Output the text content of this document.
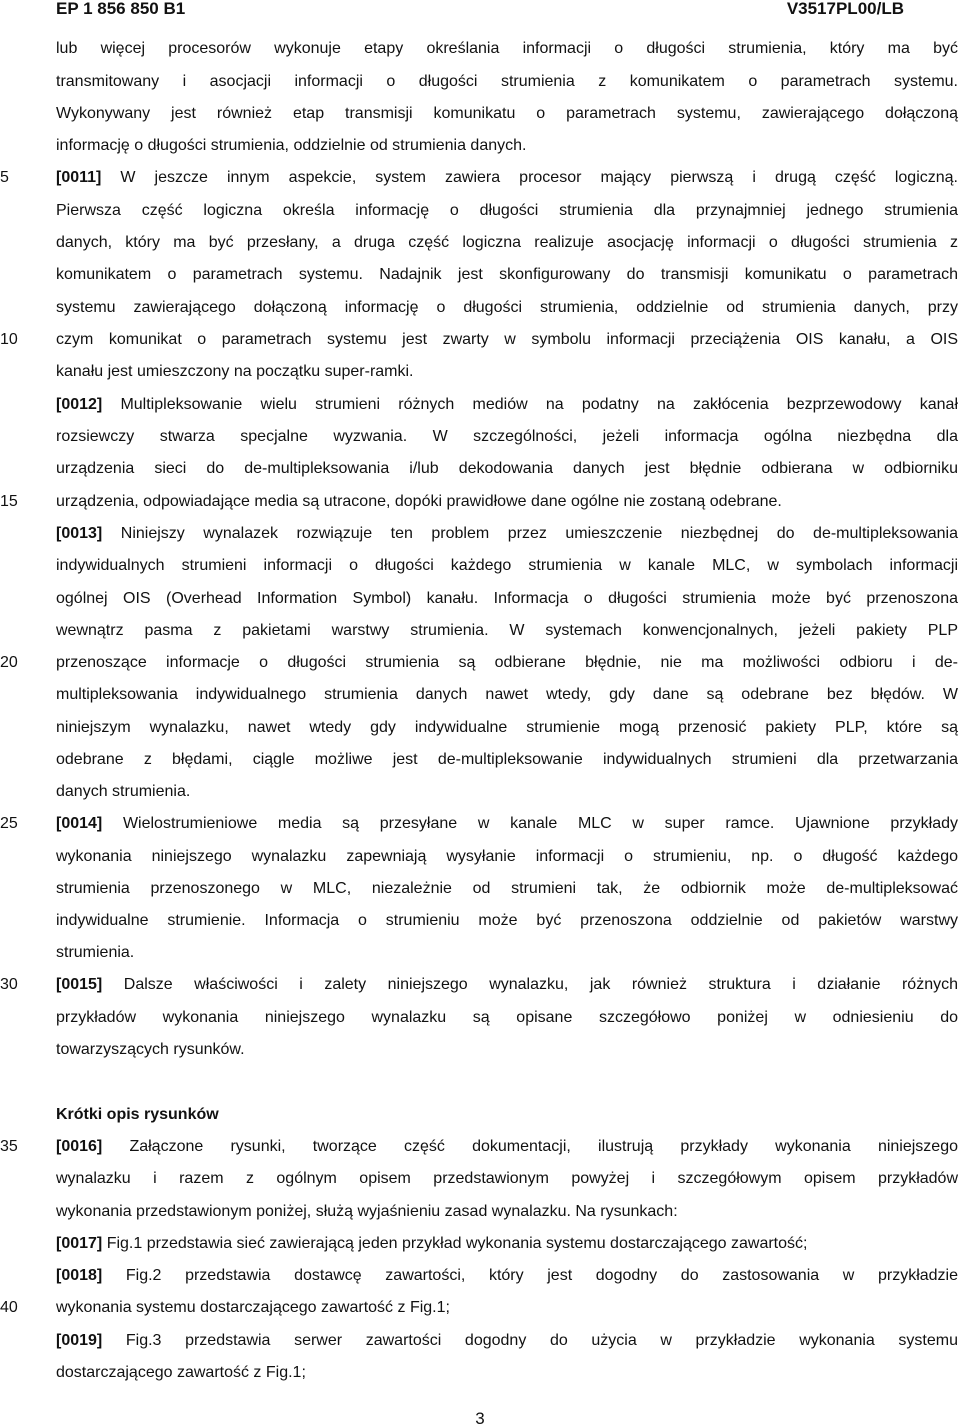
EP 1 856 850 B1	V3517PL00/LB
5
10
15
20
25
30
35
40
lub więcej procesorów wykonuje etapy określania informacji o długości strumienia, który ma być
transmitowany i asocjacji informacji o długości strumienia z komunikatem o parametrach systemu.
Wykonywany jest również etap transmisji komunikatu o parametrach systemu, zawierającego dołączoną
informację o długości strumienia, oddzielnie od strumienia danych.
[0011] W jeszcze innym aspekcie, system zawiera procesor mający pierwszą i drugą część logiczną.
Pierwsza część logiczna określa informację o długości strumienia dla przynajmniej jednego strumienia
danych, który ma być przesłany, a druga część logiczna realizuje asocjację informacji o długości strumienia z
komunikatem o parametrach systemu. Nadajnik jest skonfigurowany do transmisji komunikatu o parametrach
systemu zawierającego dołączoną informację o długości strumienia, oddzielnie od strumienia danych, przy
czym komunikat o parametrach systemu jest zwarty w symbolu informacji przeciążenia OIS kanału, a OIS
kanału jest umieszczony na początku super-ramki.
[0012] Multipleksowanie wielu strumieni różnych mediów na podatny na zakłócenia bezprzewodowy kanał
rozsiewczy stwarza specjalne wyzwania. W szczególności, jeżeli informacja ogólna niezbędna dla
urządzenia sieci do de-multipleksowania i/lub dekodowania danych jest błędnie odbierana w odbiorniku
urządzenia, odpowiadające media są utracone, dopóki prawidłowe dane ogólne nie zostaną odebrane.
[0013] Niniejszy wynalazek rozwiązuje ten problem przez umieszczenie niezbędnej do de-multipleksowania
indywidualnych strumieni informacji o długości każdego strumienia w kanale MLC, w symbolach informacji
ogólnej OIS (Overhead Information Symbol) kanału. Informacja o długości strumienia może być przenoszona
wewnątrz pasma z pakietami warstwy strumienia. W systemach konwencjonalnych, jeżeli pakiety PLP
przenoszące informacje o długości strumienia są odbierane błędnie, nie ma możliwości odbioru i de-
multipleksowania indywidualnego strumienia danych nawet wtedy, gdy dane są odebrane bez błędów. W
niniejszym wynalazku, nawet wtedy gdy indywidualne strumienie mogą przenosić pakiety PLP, które są
odebrane z błędami, ciągle możliwe jest de-multipleksowanie indywidualnych strumieni dla przetwarzania
danych strumienia.
[0014] Wielostrumieniowe media są przesyłane w kanale MLC w super ramce. Ujawnione przykłady
wykonania niniejszego wynalazku zapewniają wysyłanie informacji o strumieniu, np. o długość każdego
strumienia przenoszonego w MLC, niezależnie od strumieni tak, że odbiornik może de-multipleksować
indywidualne strumienie. Informacja o strumieniu może być przenoszona oddzielnie od pakietów warstwy
strumienia.
[0015] Dalsze właściwości i zalety niniejszego wynalazku, jak również struktura i działanie różnych
przykładów wykonania niniejszego wynalazku są opisane szczegółowo poniżej w odniesieniu do
towarzyszących rysunków.
Krótki opis rysunków
[0016] Załączone rysunki, tworzące część dokumentacji, ilustrują przykłady wykonania niniejszego
wynalazku i razem z ogólnym opisem przedstawionym powyżej i szczegółowym opisem przykładów
wykonania przedstawionym poniżej, służą wyjaśnieniu zasad wynalazku. Na rysunkach:
[0017] Fig.1 przedstawia sieć zawierającą jeden przykład wykonania systemu dostarczającego zawartość;
[0018] Fig.2 przedstawia dostawcę zawartości, który jest dogodny do zastosowania w przykładzie
wykonania systemu dostarczającego zawartość z Fig.1;
[0019] Fig.3 przedstawia serwer zawartości dogodny do użycia w przykładzie wykonania systemu
dostarczającego zawartość z Fig.1;
3
